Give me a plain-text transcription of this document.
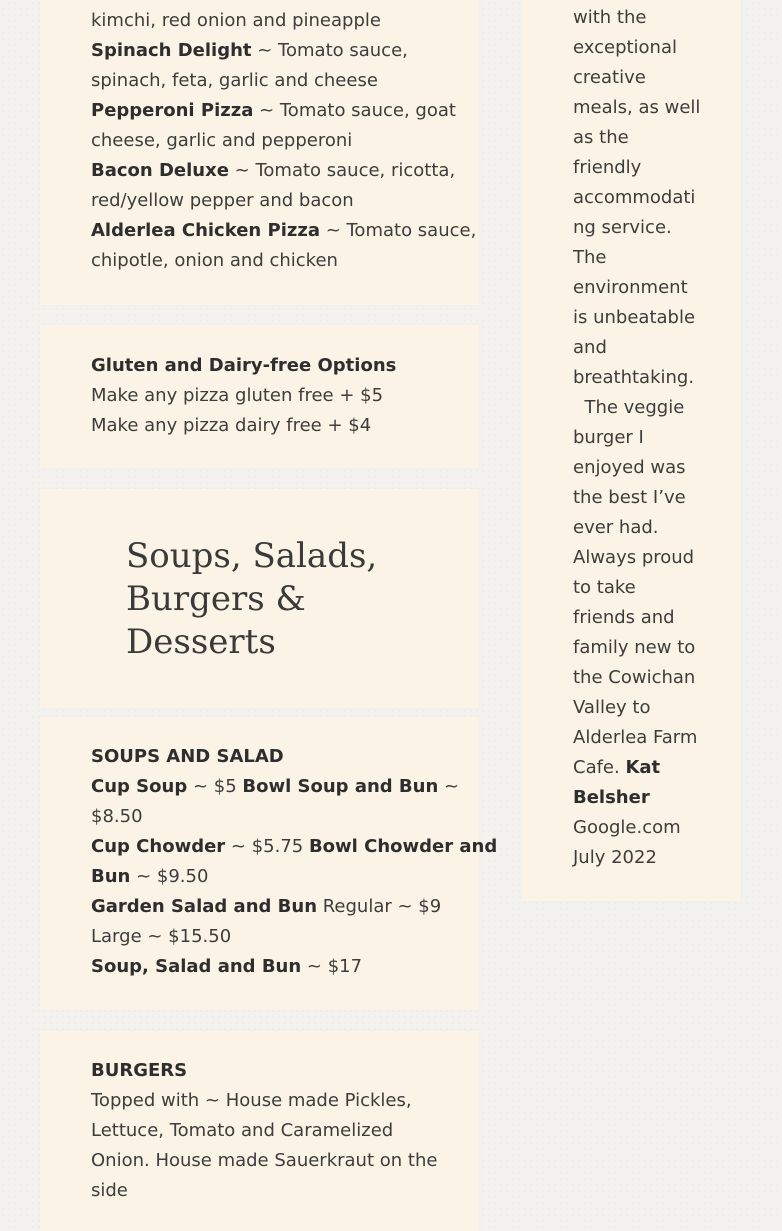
kimchi, red onion and pineapple
Spinach Delight ~ Tomato sauce,
spinach, feta, garlic and cheese
Pepperoni Pizza ~ Tomato sauce, goat
cheese, garlic and pepperoni
Bacon Deluxe ~ Tomato sauce, ricotta,
red/yellow pepper and bacon
Alderlea Chicken Pizza ~ Tomato sauce,
chipotle, onion and chicken
Gluten and Dairy-free Options
Make any pizza gluten free + $5
Make any pizza dairy free + $4
Soups, Salads,
Burgers &
Desserts
SOUPS AND SALAD
Cup Soup ~ $5 Bowl Soup and Bun ~
$8.50
Cup Chowder ~ $5.75 Bowl Chowder and
Bun ~ $9.50
Garden Salad and Bun Regular ~ $9
Large ~ $15.50
Soup, Salad and Bun ~ $17
BURGERS
Topped with ~ House made Pickles,
Lettuce, Tomato and Caramelized
Onion. House made Sauerkraut on the
side
with the
exceptional
creative
meals, as well
as the
friendly
accommodati
ng service.
The
environment
is unbeatable
and
breathtaking.
The veggie
burger I
enjoyed was
the best I’ve
ever had.
Always proud
to take
friends and
family new to
the Cowichan
Valley to
Alderlea Farm
Cafe. Kat
Belsher
Google.com
July 2022
